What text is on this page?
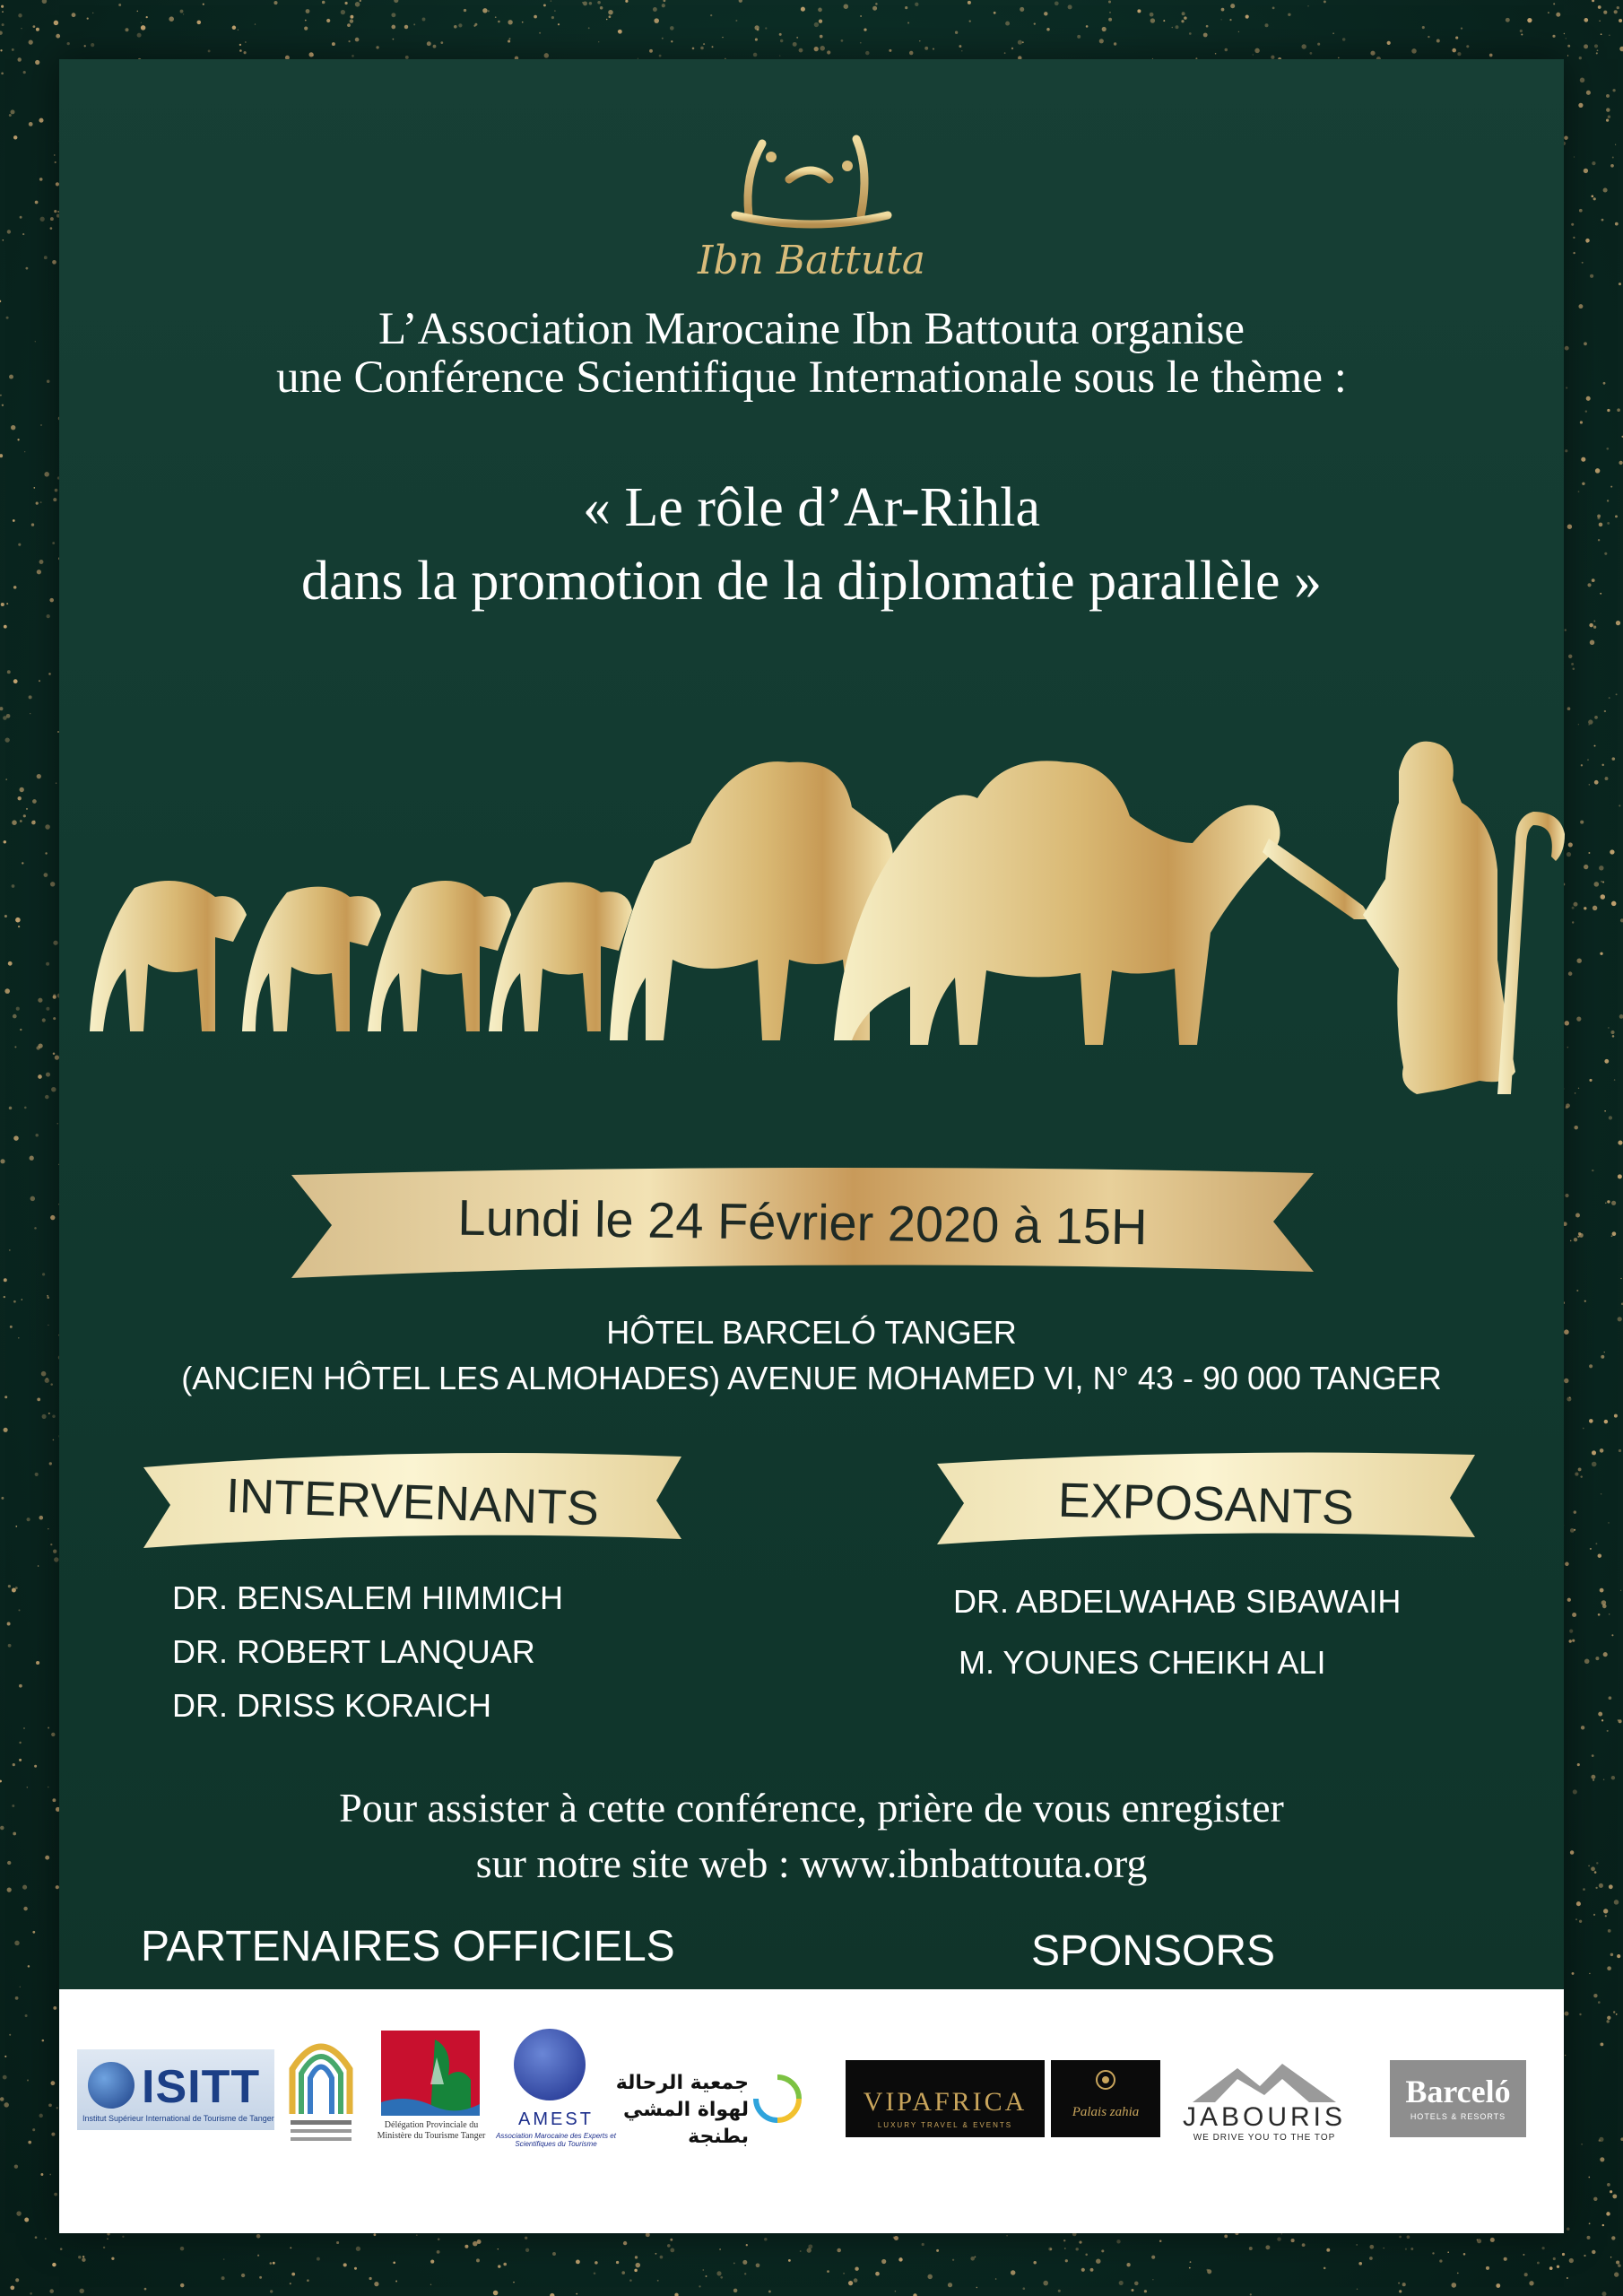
Ibn Battuta
L’Association Marocaine Ibn Battouta organise
une Conférence Scientifique Internationale sous le thème :
« Le rôle d’Ar-Rihla
dans la promotion de la diplomatie parallèle »
Lundi le 24 Février 2020 à 15H
HÔTEL BARCELÓ TANGER
(ANCIEN HÔTEL LES ALMOHADES) AVENUE MOHAMED VI, N° 43 - 90 000 TANGER
INTERVENANTS	EXPOSANTS
DR. BENSALEM HIMMICH
DR. ROBERT LANQUAR
DR. DRISS KORAICH
DR. ABDELWAHAB SIBAWAIH
M. YOUNES CHEIKH ALI
Pour assister à cette conférence, prière de vous enregister
sur notre site web : www.ibnbattouta.org
PARTENAIRES OFFICIELS	SPONSORS
ISITT
Institut Supérieur International de Tourisme de Tanger
Délégation Provinciale du Ministère du Tourisme Tanger
AMEST
Association Marocaine des Experts et Scientifiques du Tourisme
جمعية الرحالة لهواة المشي بطنجة
VIPAFRICA
LUXURY TRAVEL & EVENTS
Palais zahia	JABOURIS
WE DRIVE YOU TO THE TOP
Barceló
HOTELS & RESORTS
